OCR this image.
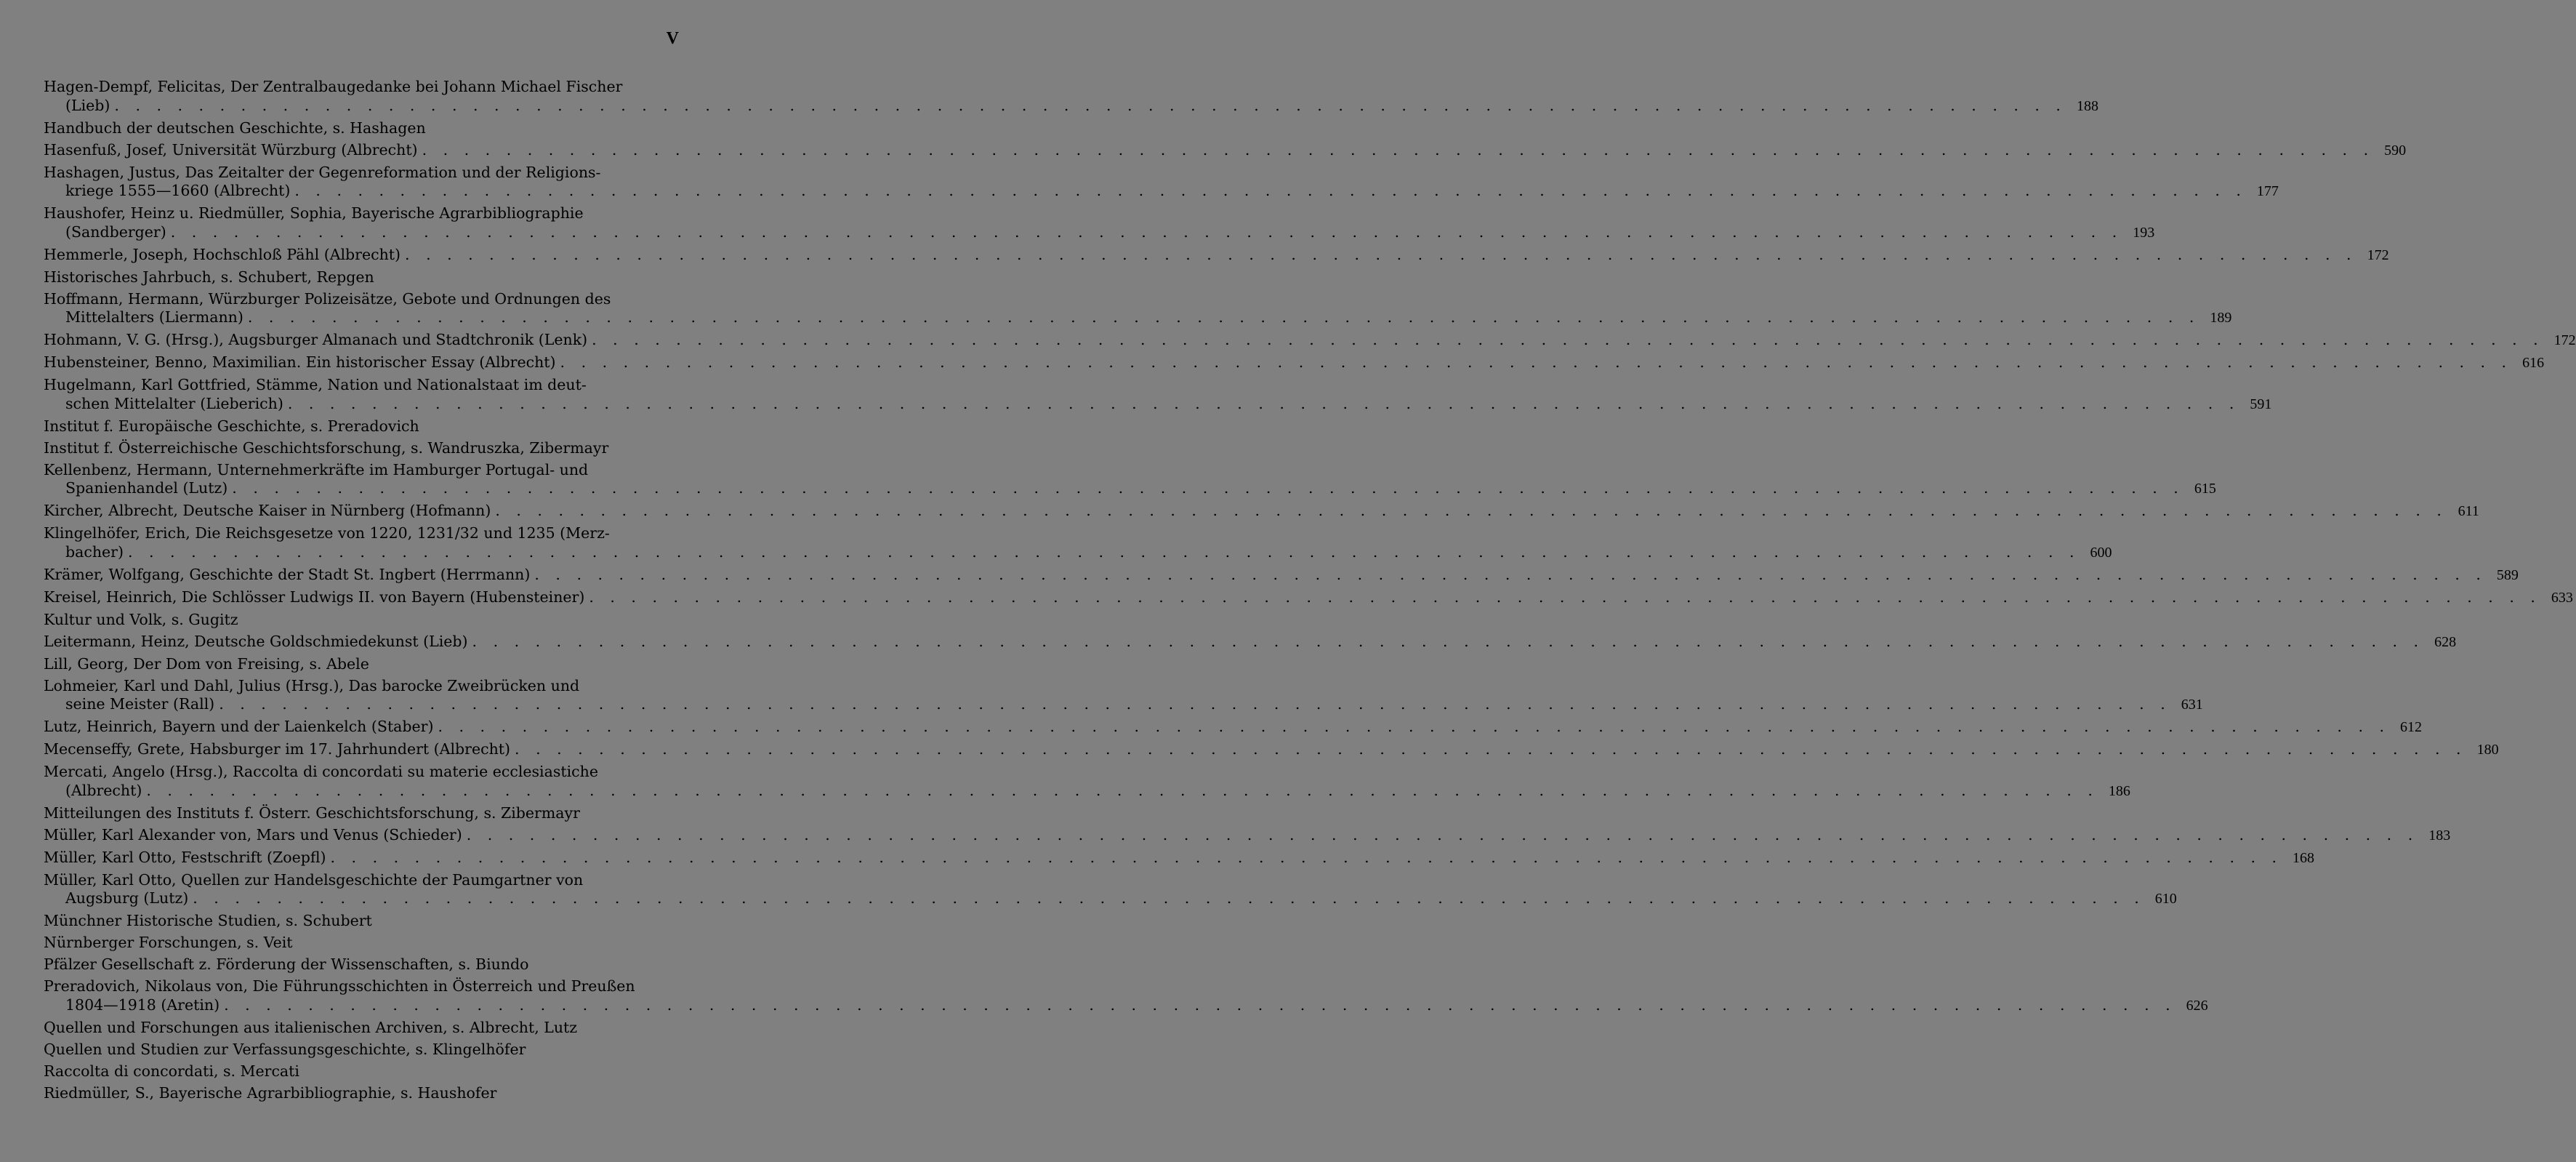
V
Hagen-Dempf, Felicitas, Der Zentralbaugedanke bei Johann Michael Fischer
(Lieb) . . .	188
Handbuch der deutschen Geschichte, s. Hashagen
Hasenfuß, Josef, Universität Würzburg (Albrecht) . . .	590
Hashagen, Justus, Das Zeitalter der Gegenreformation und der Religions-
kriege 1555—1660 (Albrecht) . . .	177
Haushofer, Heinz u. Riedmüller, Sophia, Bayerische Agrarbibliographie
(Sandberger) . . .	193
Hemmerle, Joseph, Hochschloß Pähl (Albrecht) . . .	172
Historisches Jahrbuch, s. Schubert, Repgen
Hoffmann, Hermann, Würzburger Polizeisätze, Gebote und Ordnungen des
Mittelalters (Liermann) . . .	189
Hohmann, V. G. (Hrsg.), Augsburger Almanach und Stadtchronik (Lenk) . . .	172
Hubensteiner, Benno, Maximilian. Ein historischer Essay (Albrecht) . . .	616
Hugelmann, Karl Gottfried, Stämme, Nation und Nationalstaat im deut-
schen Mittelalter (Lieberich) . . .	591
Institut f. Europäische Geschichte, s. Preradovich
Institut f. Österreichische Geschichtsforschung, s. Wandruszka, Zibermayr
Kellenbenz, Hermann, Unternehmerkräfte im Hamburger Portugal- und
Spanienhandel (Lutz) . . .	615
Kircher, Albrecht, Deutsche Kaiser in Nürnberg (Hofmann) . . .	611
Klingelhöfer, Erich, Die Reichsgesetze von 1220, 1231/32 und 1235 (Merz-
bacher) . . .	600
Krämer, Wolfgang, Geschichte der Stadt St. Ingbert (Herrmann) . . .	589
Kreisel, Heinrich, Die Schlösser Ludwigs II. von Bayern (Hubensteiner) . . .	633
Kultur und Volk, s. Gugitz
Leitermann, Heinz, Deutsche Goldschmiedekunst (Lieb) . . .	628
Lill, Georg, Der Dom von Freising, s. Abele
Lohmeier, Karl und Dahl, Julius (Hrsg.), Das barocke Zweibrücken und
seine Meister (Rall) . . .	631
Lutz, Heinrich, Bayern und der Laienkelch (Staber) . . .	612
Mecenseffy, Grete, Habsburger im 17. Jahrhundert (Albrecht) . . .	180
Mercati, Angelo (Hrsg.), Raccolta di concordati su materie ecclesiastiche
(Albrecht) . . .	186
Mitteilungen des Instituts f. Österr. Geschichtsforschung, s. Zibermayr
Müller, Karl Alexander von, Mars und Venus (Schieder) . . .	183
Müller, Karl Otto, Festschrift (Zoepfl) . . .	168
Müller, Karl Otto, Quellen zur Handelsgeschichte der Paumgartner von
Augsburg (Lutz) . . .	610
Münchner Historische Studien, s. Schubert
Nürnberger Forschungen, s. Veit
Pfälzer Gesellschaft z. Förderung der Wissenschaften, s. Biundo
Preradovich, Nikolaus von, Die Führungsschichten in Österreich und Preußen
1804—1918 (Aretin) . . .	626
Quellen und Forschungen aus italienischen Archiven, s. Albrecht, Lutz
Quellen und Studien zur Verfassungsgeschichte, s. Klingelhöfer
Raccolta di concordati, s. Mercati
Riedmüller, S., Bayerische Agrarbibliographie, s. Haushofer
